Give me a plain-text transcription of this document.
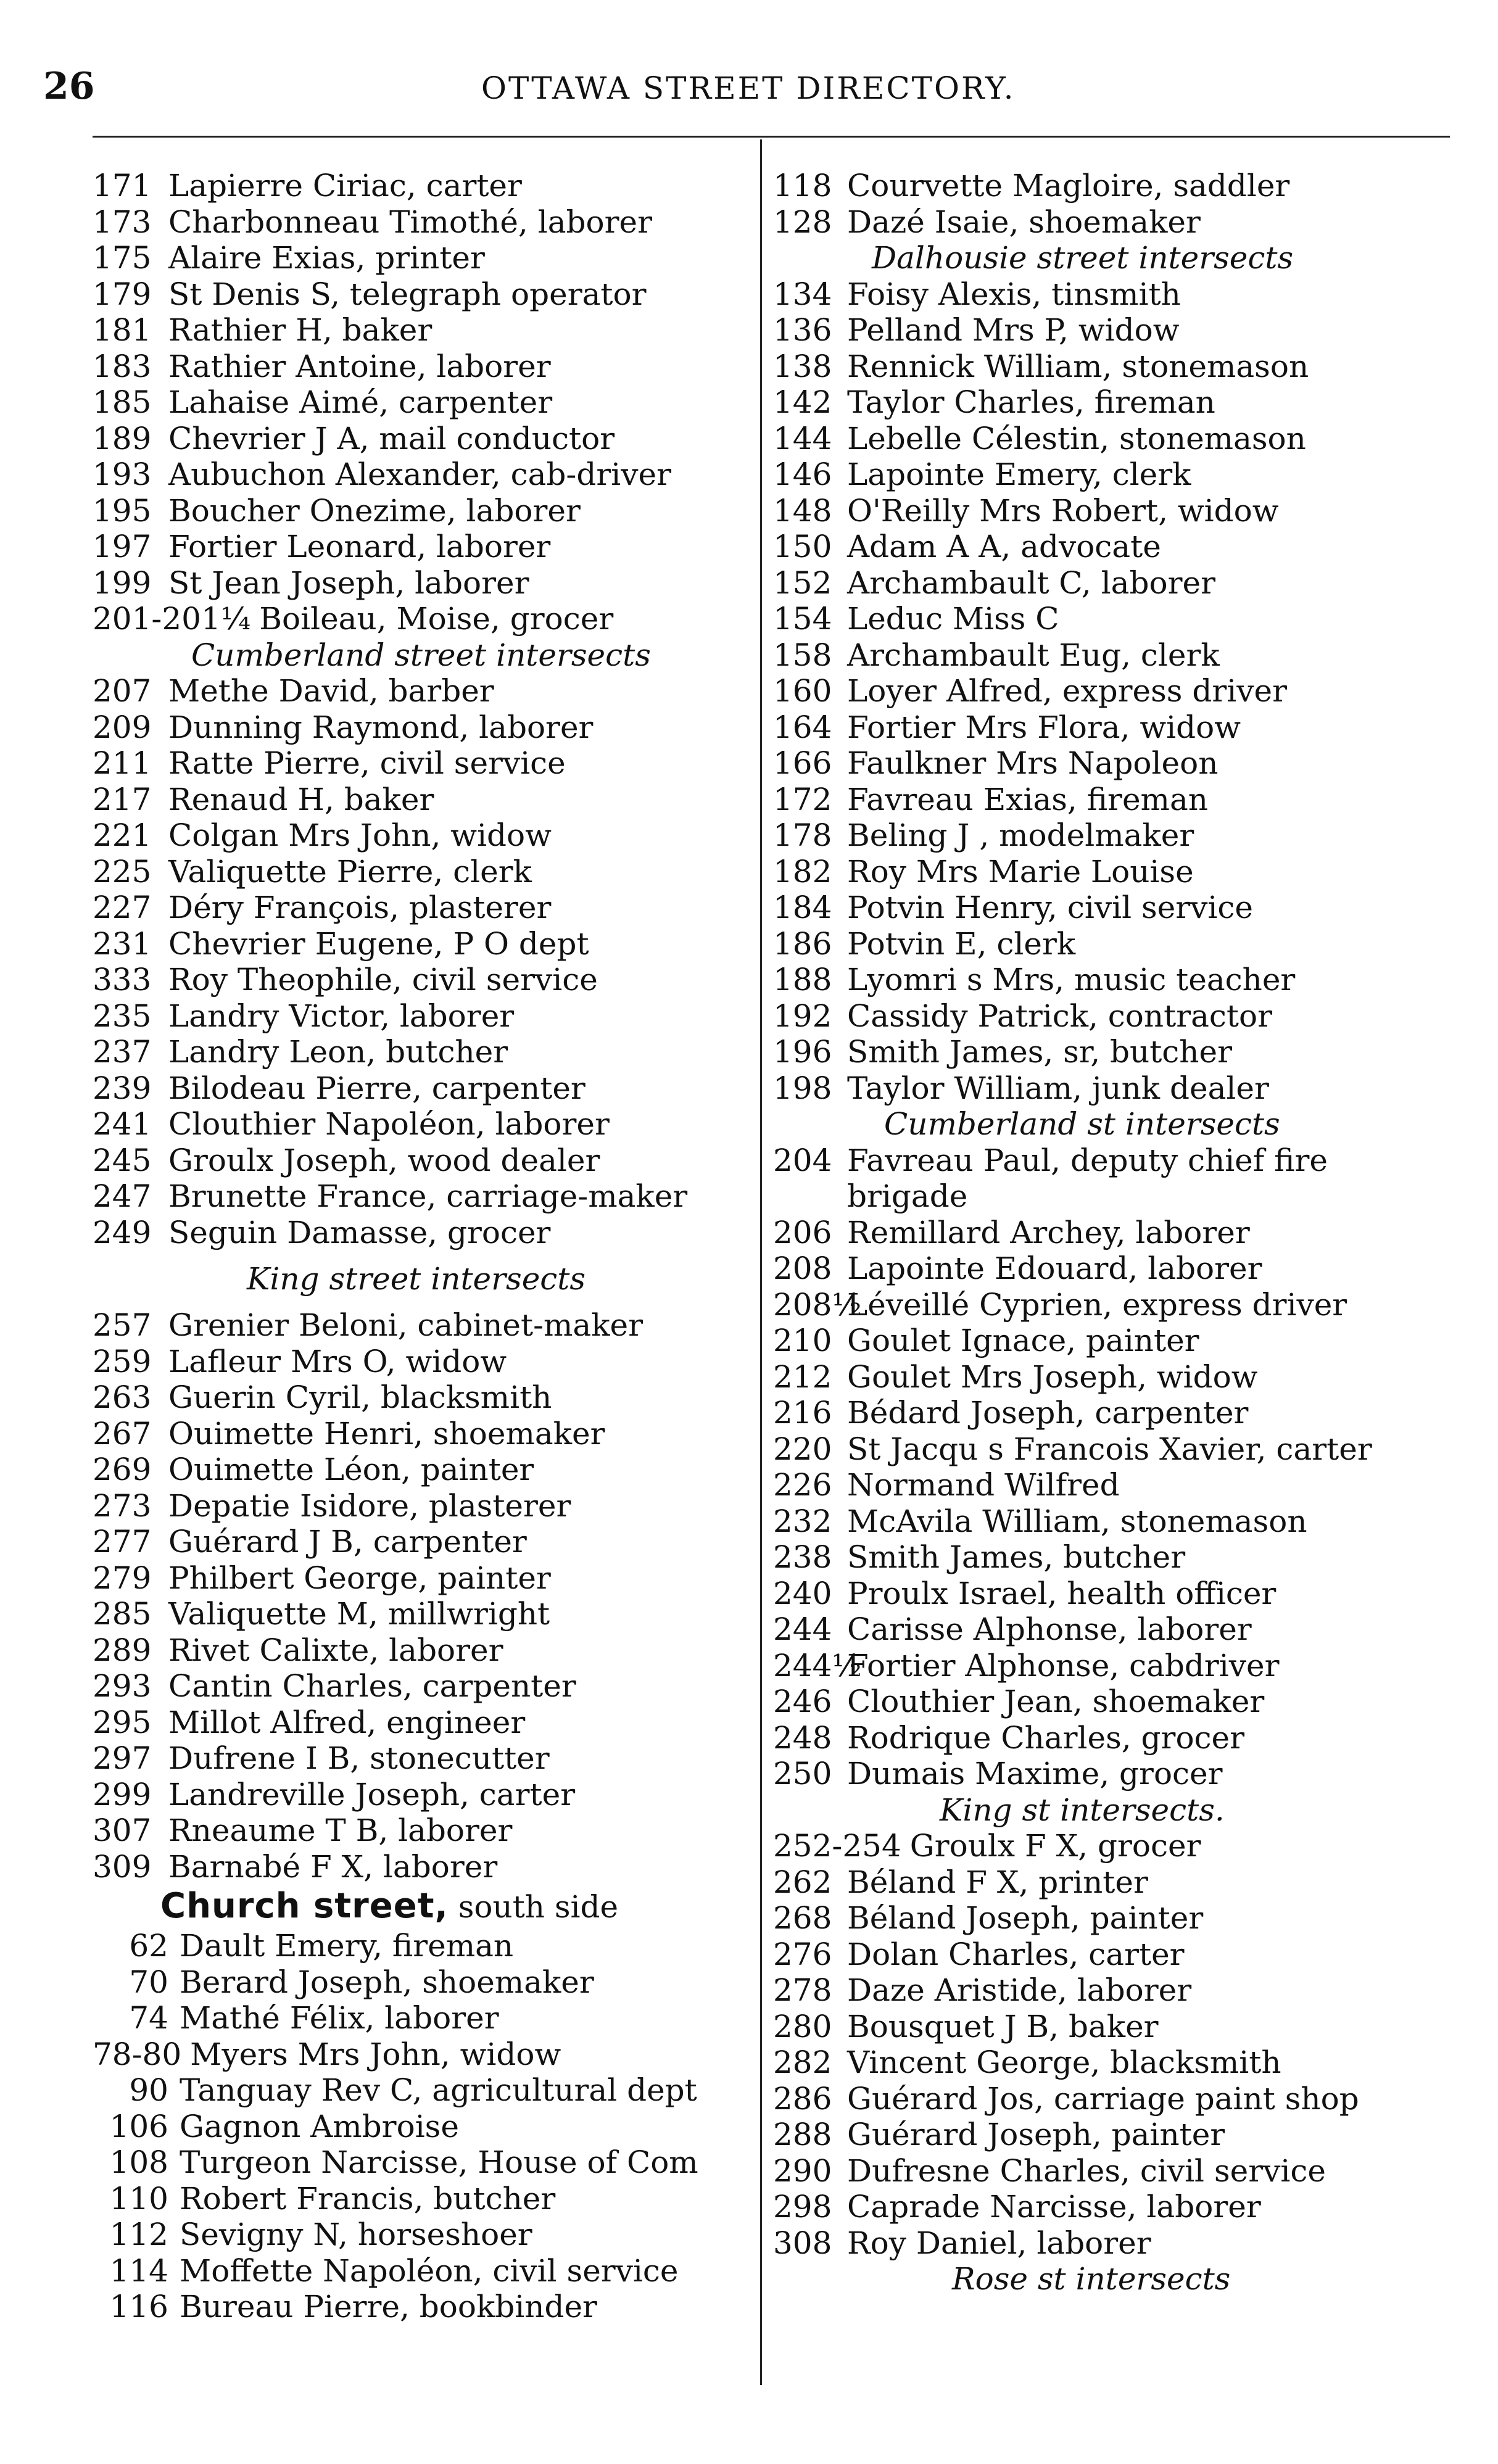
26	OTTAWA STREET DIRECTORY.
171 Lapierre Ciriac, carter
173 Charbonneau Timothé, laborer
175 Alaire Exias, printer
179 St Denis S, telegraph operator
181 Rathier H, baker
183 Rathier Antoine, laborer
185 Lahaise Aimé, carpenter
189 Chevrier J A, mail conductor
193 Aubuchon Alexander, cab-driver
195 Boucher Onezime, laborer
197 Fortier Leonard, laborer
199 St Jean Joseph, laborer
201-201¼ Boileau, Moise, grocer
Cumberland street intersects
207 Methe David, barber
209 Dunning Raymond, laborer
211 Ratte Pierre, civil service
217 Renaud H, baker
221 Colgan Mrs John, widow
225 Valiquette Pierre, clerk
227 Déry François, plasterer
231 Chevrier Eugene, P O dept
333 Roy Theophile, civil service
235 Landry Victor, laborer
237 Landry Leon, butcher
239 Bilodeau Pierre, carpenter
241 Clouthier Napoléon, laborer
245 Groulx Joseph, wood dealer
247 Brunette France, carriage-maker
249 Seguin Damasse, grocer
King street intersects
257 Grenier Beloni, cabinet-maker
259 Lafleur Mrs O, widow
263 Guerin Cyril, blacksmith
267 Ouimette Henri, shoemaker
269 Ouimette Léon, painter
273 Depatie Isidore, plasterer
277 Guérard J B, carpenter
279 Philbert George, painter
285 Valiquette M, millwright
289 Rivet Calixte, laborer
293 Cantin Charles, carpenter
295 Millot Alfred, engineer
297 Dufrene I B, stonecutter
299 Landreville Joseph, carter
307 Rneaume T B, laborer
309 Barnabé F X, laborer
Church street, south side
62 Dault Emery, fireman
70 Berard Joseph, shoemaker
74 Mathé Félix, laborer
78-80 Myers Mrs John, widow
90 Tanguay Rev C, agricultural dept
106 Gagnon Ambroise
108 Turgeon Narcisse, House of Com
110 Robert Francis, butcher
112 Sevigny N, horseshoer
114 Moffette Napoléon, civil service
116 Bureau Pierre, bookbinder
118 Courvette Magloire, saddler
128 Dazé Isaie, shoemaker
Dalhousie street intersects
134 Foisy Alexis, tinsmith
136 Pelland Mrs P, widow
138 Rennick William, stonemason
142 Taylor Charles, fireman
144 Lebelle Célestin, stonemason
146 Lapointe Emery, clerk
148 O'Reilly Mrs Robert, widow
150 Adam A A, advocate
152 Archambault C, laborer
154 Leduc Miss C
158 Archambault Eug, clerk
160 Loyer Alfred, express driver
164 Fortier Mrs Flora, widow
166 Faulkner Mrs Napoleon
172 Favreau Exias, fireman
178 Beling J , modelmaker
182 Roy Mrs Marie Louise
184 Potvin Henry, civil service
186 Potvin E, clerk
188 Lyomri s Mrs, music teacher
192 Cassidy Patrick, contractor
196 Smith James, sr, butcher
198 Taylor William, junk dealer
Cumberland st intersects
204 Favreau Paul, deputy chief fire brigade
206 Remillard Archey, laborer
208 Lapointe Edouard, laborer
208½
Léveillé Cyprien, express driver
210 Goulet Ignace, painter
212 Goulet Mrs Joseph, widow
216 Bédard Joseph, carpenter
220 St Jacqu s Francois Xavier, carter
226 Normand Wilfred
232 McAvila William, stonemason
238 Smith James, butcher
240 Proulx Israel, health officer
244 Carisse Alphonse, laborer
244½
Fortier Alphonse, cabdriver
246 Clouthier Jean, shoemaker
248 Rodrique Charles, grocer
250 Dumais Maxime, grocer
King st intersects.
252-254 Groulx F X, grocer
262 Béland F X, printer
268 Béland Joseph, painter
276 Dolan Charles, carter
278 Daze Aristide, laborer
280 Bousquet J B, baker
282 Vincent George, blacksmith
286 Guérard Jos, carriage paint shop
288 Guérard Joseph, painter
290 Dufresne Charles, civil service
298 Caprade Narcisse, laborer
308 Roy Daniel, laborer
Rose st intersects
